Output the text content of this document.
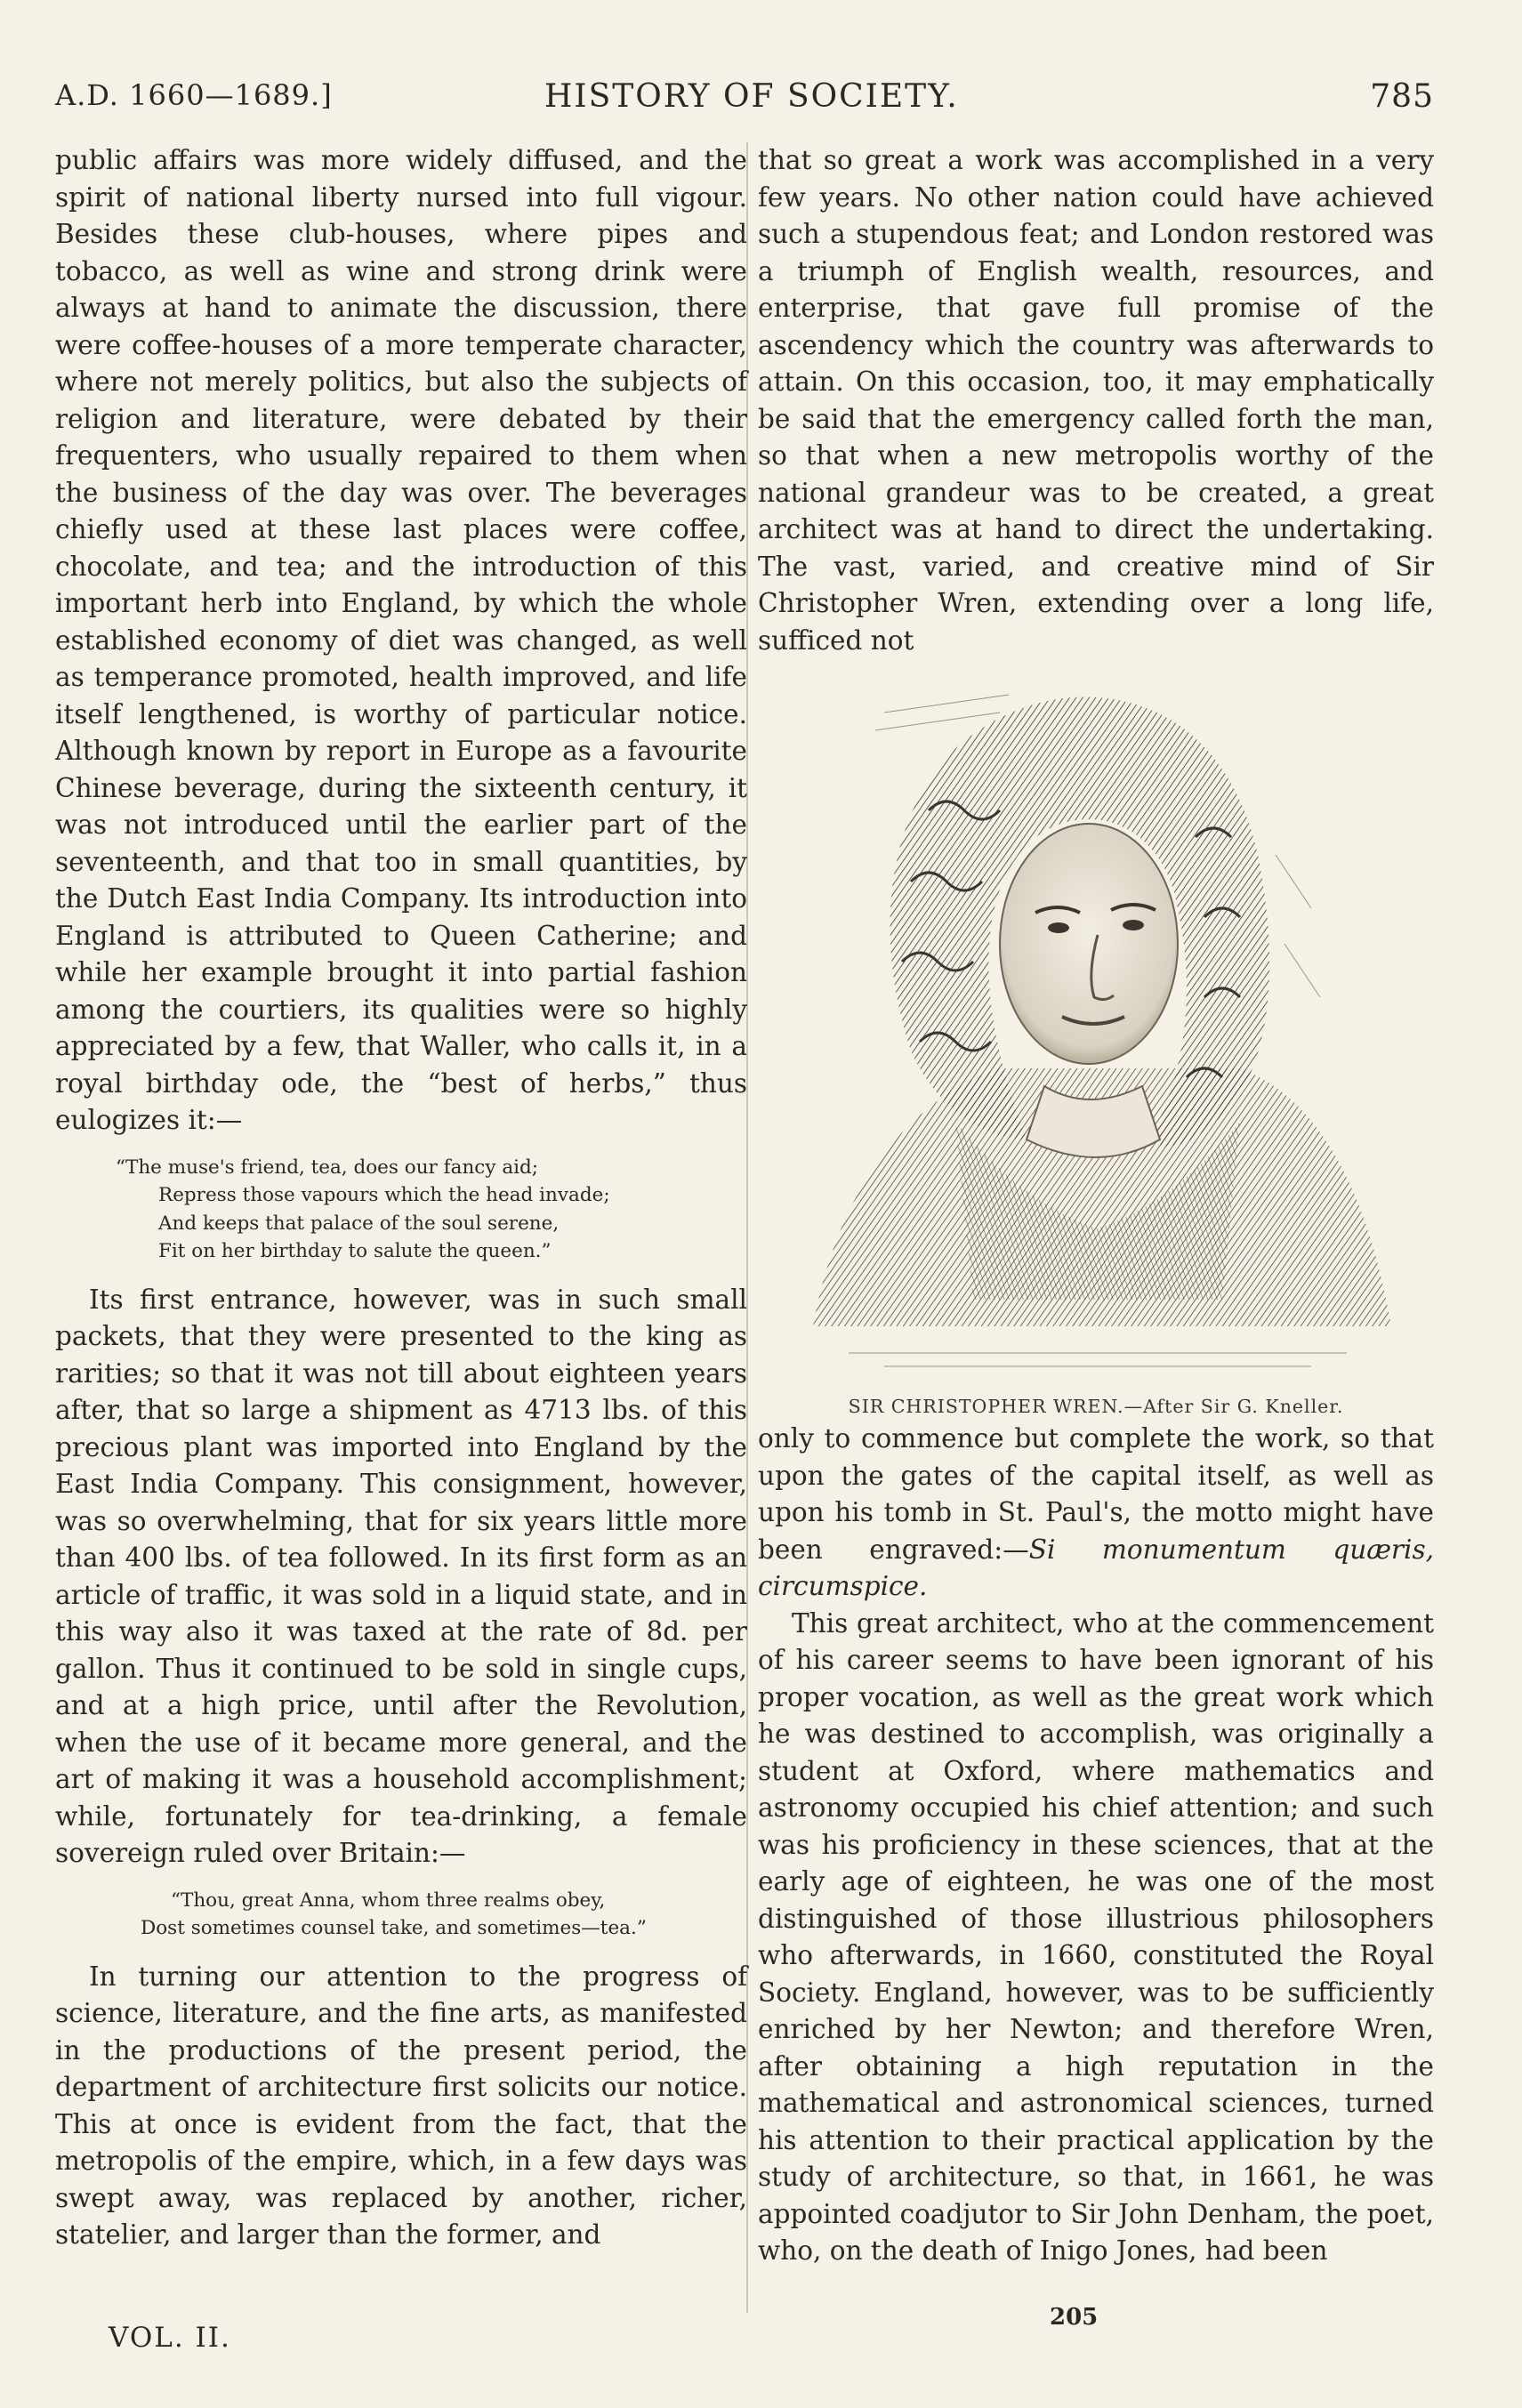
A.D. 1660—1689.]	HISTORY OF SOCIETY.	785

public affairs was more widely diffused, and the spirit of national liberty nursed into full vigour. Besides these club-houses, where pipes and tobacco, as well as wine and strong drink were always at hand to animate the discussion, there were coffee-houses of a more temperate character, where not merely politics, but also the subjects of religion and literature, were debated by their frequenters, who usually repaired to them when the business of the day was over. The beverages chiefly used at these last places were coffee, chocolate, and tea; and the introduction of this important herb into England, by which the whole established economy of diet was changed, as well as temperance promoted, health improved, and life itself lengthened, is worthy of particular notice. Although known by report in Europe as a favourite Chinese beverage, during the sixteenth century, it was not introduced until the earlier part of the seventeenth, and that too in small quantities, by the Dutch East India Company. Its introduction into England is attributed to Queen Catherine; and while her example brought it into partial fashion among the courtiers, its qualities were so highly appreciated by a few, that Waller, who calls it, in a royal birthday ode, the “best of herbs,” thus eulogizes it:—

“The muse's friend, tea, does our fancy aid;
Repress those vapours which the head invade;
And keeps that palace of the soul serene,
Fit on her birthday to salute the queen.”

Its first entrance, however, was in such small packets, that they were presented to the king as rarities; so that it was not till about eighteen years after, that so large a shipment as 4713 lbs. of this precious plant was imported into England by the East India Company. This consignment, however, was so overwhelming, that for six years little more than 400 lbs. of tea followed. In its first form as an article of traffic, it was sold in a liquid state, and in this way also it was taxed at the rate of 8d. per gallon. Thus it continued to be sold in single cups, and at a high price, until after the Revolution, when the use of it became more general, and the art of making it was a household accomplishment; while, fortunately for tea-drinking, a female sovereign ruled over Britain:—

“Thou, great Anna, whom three realms obey,
Dost sometimes counsel take, and sometimes—tea.”

In turning our attention to the progress of science, literature, and the fine arts, as manifested in the productions of the present period, the department of architecture first solicits our notice. This at once is evident from the fact, that the metropolis of the empire, which, in a few days was swept away, was replaced by another, richer, statelier, and larger than the former, and

that so great a work was accomplished in a very few years. No other nation could have achieved such a stupendous feat; and London restored was a triumph of English wealth, resources, and enterprise, that gave full promise of the ascendency which the country was afterwards to attain. On this occasion, too, it may emphatically be said that the emergency called forth the man, so that when a new metropolis worthy of the national grandeur was to be created, a great architect was at hand to direct the undertaking. The vast, varied, and creative mind of Sir Christopher Wren, extending over a long life, sufficed not

SIR CHRISTOPHER WREN.—After Sir G. Kneller.

only to commence but complete the work, so that upon the gates of the capital itself, as well as upon his tomb in St. Paul's, the motto might have been engraved:—Si monumentum quæris, circumspice.

This great architect, who at the commencement of his career seems to have been ignorant of his proper vocation, as well as the great work which he was destined to accomplish, was originally a student at Oxford, where mathematics and astronomy occupied his chief attention; and such was his proficiency in these sciences, that at the early age of eighteen, he was one of the most distinguished of those illustrious philosophers who afterwards, in 1660, constituted the Royal Society. England, however, was to be sufficiently enriched by her Newton; and therefore Wren, after obtaining a high reputation in the mathematical and astronomical sciences, turned his attention to their practical application by the study of architecture, so that, in 1661, he was appointed coadjutor to Sir John Denham, the poet, who, on the death of Inigo Jones, had been

VOL. II.
205
